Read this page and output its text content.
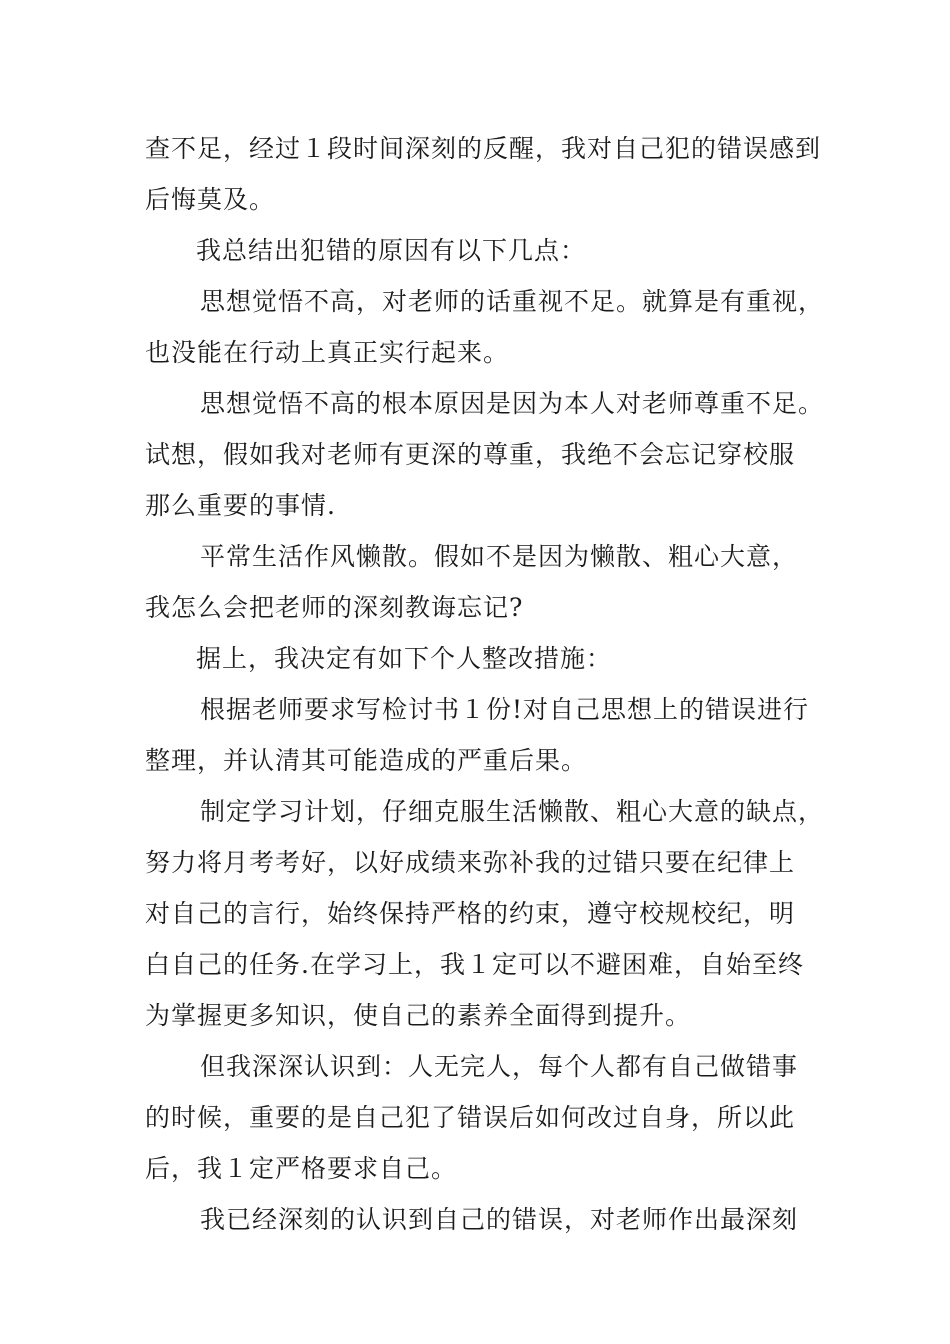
查不足，经过１段时间深刻的反醒，我对自己犯的错误感到

后悔莫及。

我总结出犯错的原因有以下几点：

思想觉悟不高，对老师的话重视不足。就算是有重视，

也没能在行动上真正实行起来。

思想觉悟不高的根本原因是因为本人对老师尊重不足。

试想，假如我对老师有更深的尊重，我绝不会忘记穿校服

那么重要的事情.

平常生活作风懒散。假如不是因为懒散、粗心大意，

我怎么会把老师的深刻教诲忘记?

据上，我决定有如下个人整改措施：

根据老师要求写检讨书１份!对自己思想上的错误进行

整理，并认清其可能造成的严重后果。

制定学习计划，仔细克服生活懒散、粗心大意的缺点，

努力将月考考好，以好成绩来弥补我的过错只要在纪律上

对自己的言行，始终保持严格的约束，遵守校规校纪，明

白自己的任务.在学习上，我１定可以不避困难，自始至终

为掌握更多知识，使自己的素养全面得到提升。

但我深深认识到：人无完人，每个人都有自己做错事

的时候，重要的是自己犯了错误后如何改过自身，所以此

后，我１定严格要求自己。

我已经深刻的认识到自己的错误，对老师作出最深刻
